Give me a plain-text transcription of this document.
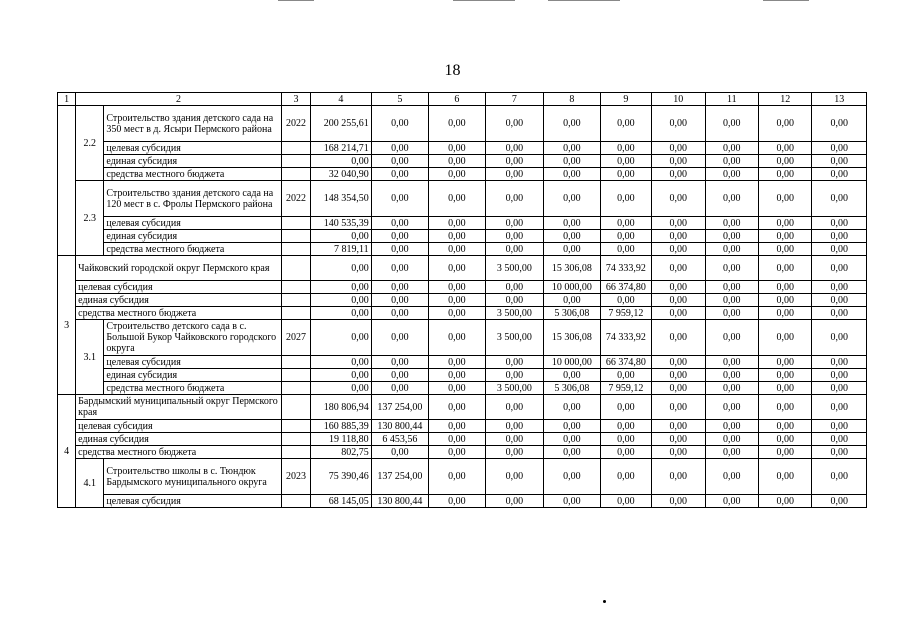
18
1	2		3	4	5	6	7	8	9	10	11	12	13
	2.2	Строительство здания детского сада на 350 мест в д. Ясыри Пермского района	2022	200 255,61	0,00	0,00	0,00	0,00	0,00	0,00	0,00	0,00	0,00
		целевая субсидия		168 214,71	0,00	0,00	0,00	0,00	0,00	0,00	0,00	0,00	0,00
		единая субсидия		0,00	0,00	0,00	0,00	0,00	0,00	0,00	0,00	0,00	0,00
		средства местного бюджета		32 040,90	0,00	0,00	0,00	0,00	0,00	0,00	0,00	0,00	0,00
	2.3	Строительство здания детского сада на 120 мест в с. Фролы Пермского района	2022	148 354,50	0,00	0,00	0,00	0,00	0,00	0,00	0,00	0,00	0,00
		целевая субсидия		140 535,39	0,00	0,00	0,00	0,00	0,00	0,00	0,00	0,00	0,00
		единая субсидия		0,00	0,00	0,00	0,00	0,00	0,00	0,00	0,00	0,00	0,00
		средства местного бюджета		7 819,11	0,00	0,00	0,00	0,00	0,00	0,00	0,00	0,00	0,00
3	Чайковский городской округ Пермского края			0,00	0,00	0,00	3 500,00	15 306,08	74 333,92	0,00	0,00	0,00	0,00
	целевая субсидия			0,00	0,00	0,00	0,00	10 000,00	66 374,80	0,00	0,00	0,00	0,00
	единая субсидия			0,00	0,00	0,00	0,00	0,00	0,00	0,00	0,00	0,00	0,00
	средства местного бюджета			0,00	0,00	0,00	3 500,00	5 306,08	7 959,12	0,00	0,00	0,00	0,00
	3.1	Строительство детского сада в с. Большой Букор Чайковского городского округа	2027	0,00	0,00	0,00	3 500,00	15 306,08	74 333,92	0,00	0,00	0,00	0,00
		целевая субсидия		0,00	0,00	0,00	0,00	10 000,00	66 374,80	0,00	0,00	0,00	0,00
		единая субсидия		0,00	0,00	0,00	0,00	0,00	0,00	0,00	0,00	0,00	0,00
		средства местного бюджета		0,00	0,00	0,00	3 500,00	5 306,08	7 959,12	0,00	0,00	0,00	0,00
4	Бардымский муниципальный округ Пермского края			180 806,94	137 254,00	0,00	0,00	0,00	0,00	0,00	0,00	0,00	0,00
	целевая субсидия			160 885,39	130 800,44	0,00	0,00	0,00	0,00	0,00	0,00	0,00	0,00
	единая субсидия			19 118,80	6 453,56	0,00	0,00	0,00	0,00	0,00	0,00	0,00	0,00
	средства местного бюджета			802,75	0,00	0,00	0,00	0,00	0,00	0,00	0,00	0,00	0,00
	4.1	Строительство школы в с. Тюндюк Бардымского муниципального округа	2023	75 390,46	137 254,00	0,00	0,00	0,00	0,00	0,00	0,00	0,00	0,00
		целевая субсидия		68 145,05	130 800,44	0,00	0,00	0,00	0,00	0,00	0,00	0,00	0,00
